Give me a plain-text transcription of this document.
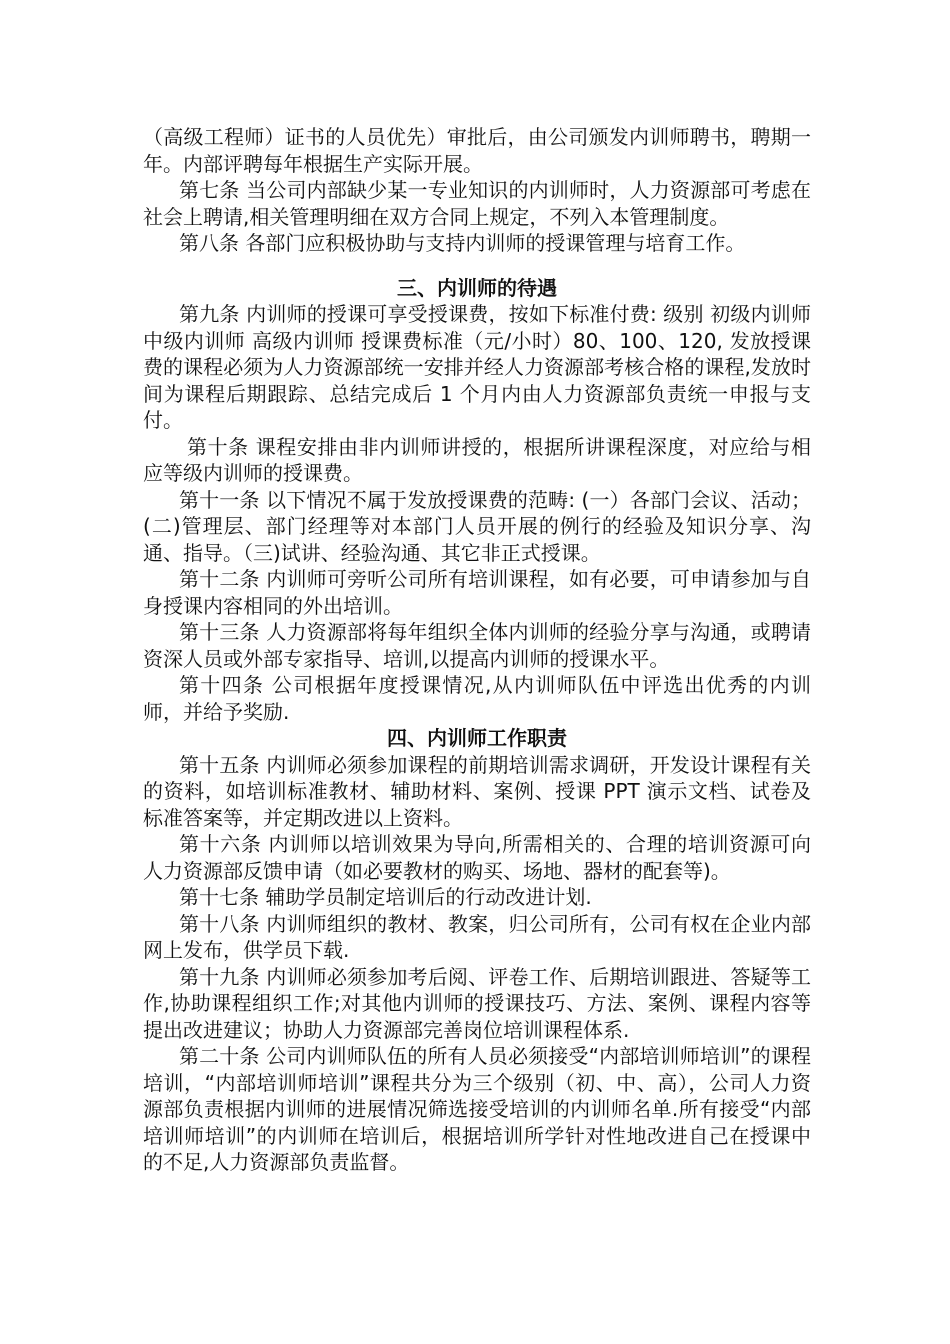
（高级工程师）证书的人员优先）审批后，由公司颁发内训师聘书，聘期一年。内部评聘每年根据生产实际开展。

第七条 当公司内部缺少某一专业知识的内训师时，人力资源部可考虑在社会上聘请,相关管理明细在双方合同上规定，不列入本管理制度。

第八条 各部门应积极协助与支持内训师的授课管理与培育工作。

三、内训师的待遇

第九条 内训师的授课可享受授课费，按如下标准付费: 级别 初级内训师 中级内训师 高级内训师 授课费标准（元/小时）80、100、120, 发放授课费的课程必须为人力资源部统一安排并经人力资源部考核合格的课程,发放时间为课程后期跟踪、总结完成后 1 个月内由人力资源部负责统一申报与支付。

第十条 课程安排由非内训师讲授的，根据所讲课程深度，对应给与相应等级内训师的授课费。

第十一条 以下情况不属于发放授课费的范畴: (一）各部门会议、活动； (二)管理层、部门经理等对本部门人员开展的例行的经验及知识分享、沟通、指导。（三)试讲、经验沟通、其它非正式授课。

第十二条 内训师可旁听公司所有培训课程，如有必要，可申请参加与自身授课内容相同的外出培训。

第十三条 人力资源部将每年组织全体内训师的经验分享与沟通，或聘请资深人员或外部专家指导、培训,以提高内训师的授课水平。

第十四条 公司根据年度授课情况,从内训师队伍中评选出优秀的内训师，并给予奖励.

四、内训师工作职责

第十五条 内训师必须参加课程的前期培训需求调研，开发设计课程有关的资料，如培训标准教材、辅助材料、案例、授课 PPT 演示文档、试卷及标准答案等，并定期改进以上资料。

第十六条 内训师以培训效果为导向,所需相关的、合理的培训资源可向人力资源部反馈申请（如必要教材的购买、场地、器材的配套等)。

第十七条 辅助学员制定培训后的行动改进计划.

第十八条 内训师组织的教材、教案，归公司所有，公司有权在企业内部网上发布，供学员下载.

第十九条 内训师必须参加考后阅、评卷工作、后期培训跟进、答疑等工作,协助课程组织工作;对其他内训师的授课技巧、方法、案例、课程内容等提出改进建议；协助人力资源部完善岗位培训课程体系.

第二十条 公司内训师队伍的所有人员必须接受“内部培训师培训”的课程培训，“内部培训师培训”课程共分为三个级别（初、中、高），公司人力资源部负责根据内训师的进展情况筛选接受培训的内训师名单.所有接受“内部培训师培训”的内训师在培训后，根据培训所学针对性地改进自己在授课中的不足,人力资源部负责监督。
